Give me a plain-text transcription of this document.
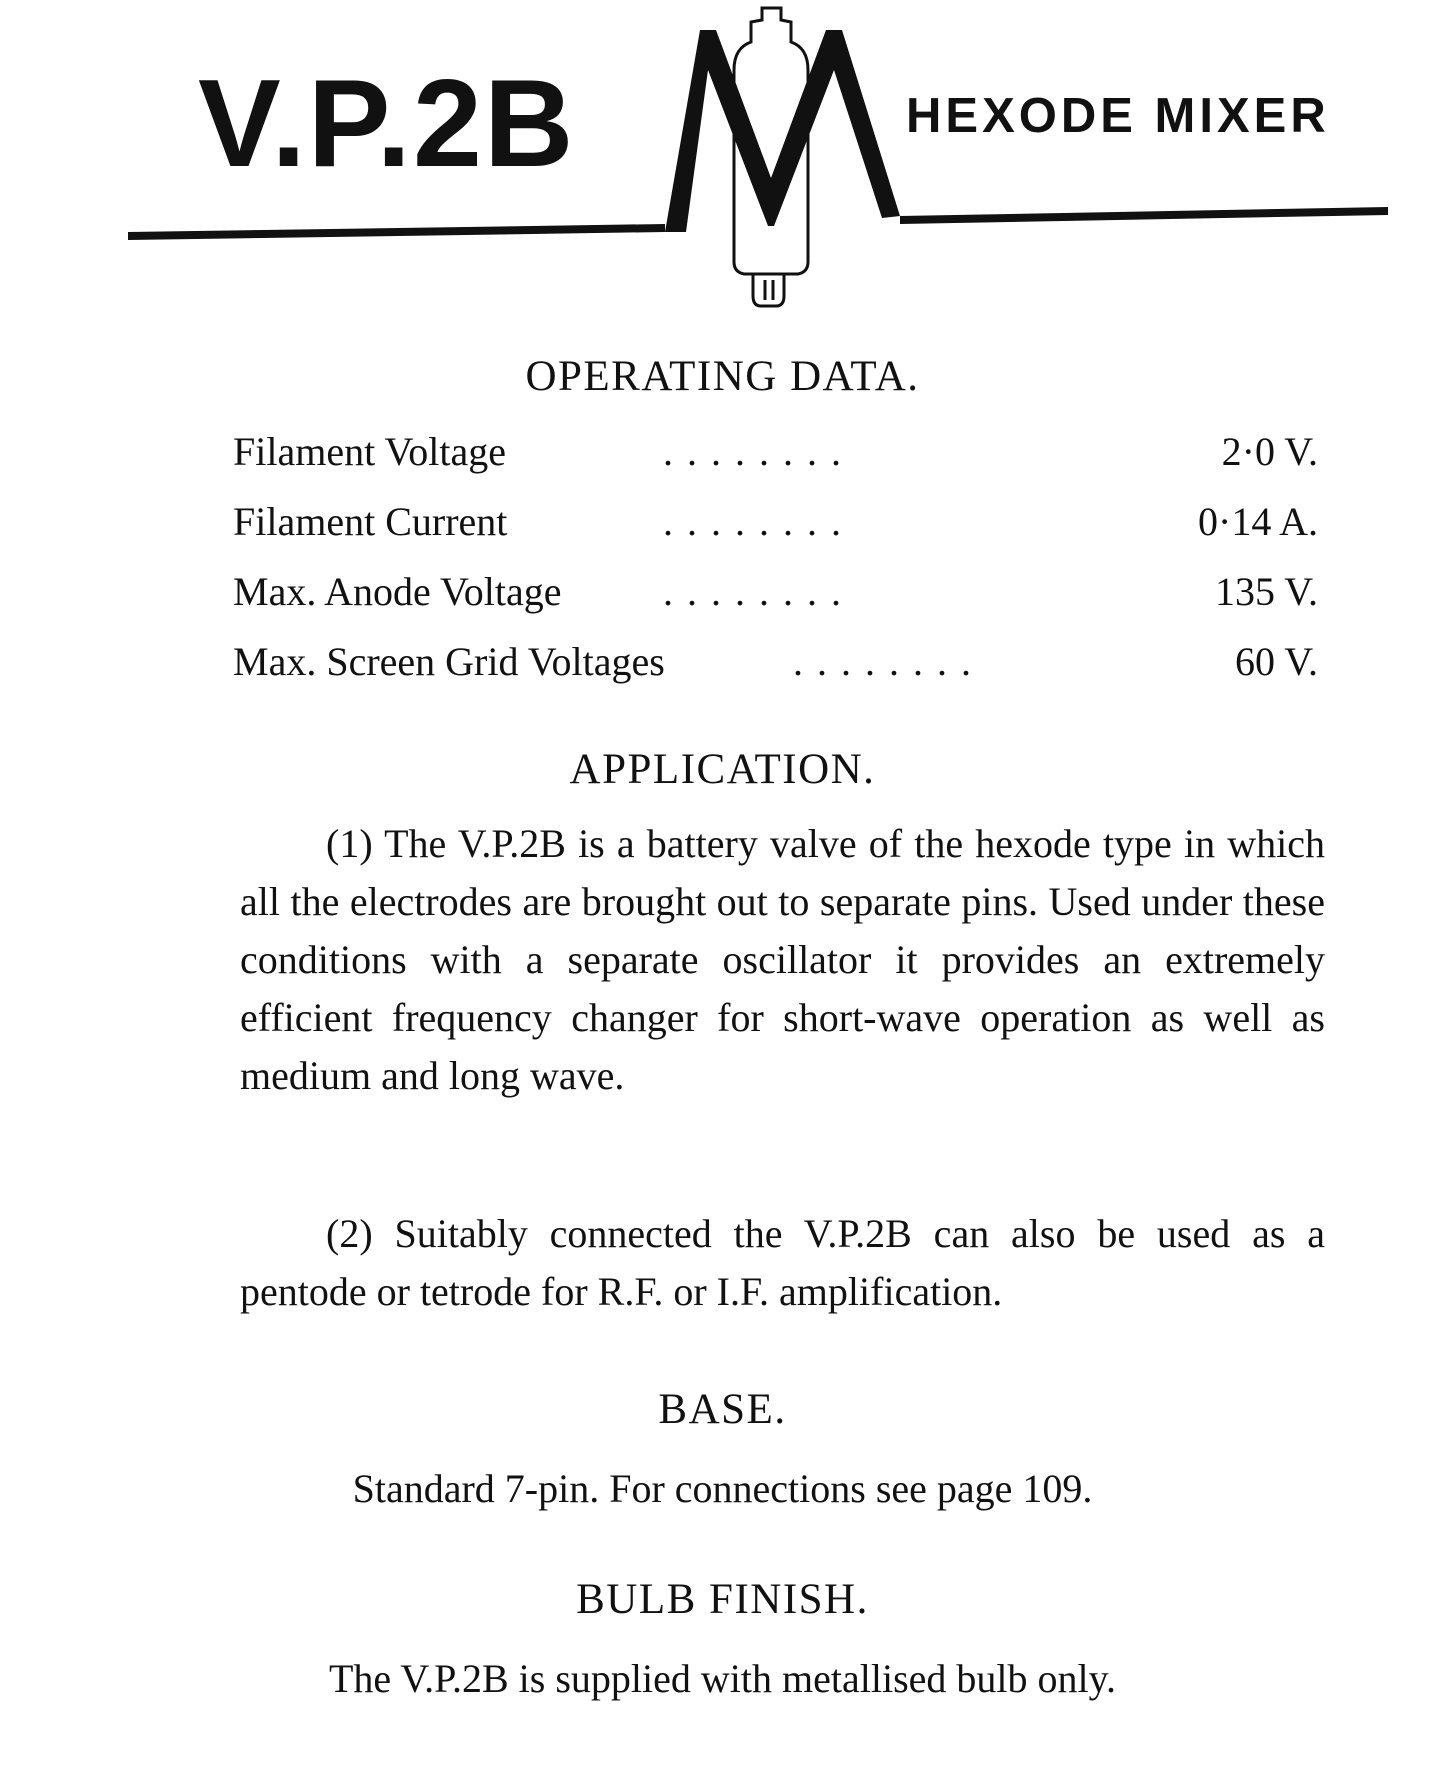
V.P.2B	HEXODE MIXER
OPERATING DATA.
Filament Voltage	. . . . . . . .	2·0 V.
Filament Current	. . . . . . . .	0·14 A.
Max. Anode Voltage	. . . . . . . .	135 V.
Max. Screen Grid Voltages	. . . . . . . .	60 V.
APPLICATION.

(1) The V.P.2B is a battery valve of the hexode type in which all the electrodes are brought out to separate pins. Used under these conditions with a separate oscillator it provides an extremely efficient frequency changer for short-wave operation as well as medium and long wave.

(2) Suitably connected the V.P.2B can also be used as a pentode or tetrode for R.F. or I.F. amplification.

BASE.

Standard 7-pin. For connections see page 109.

BULB FINISH.

The V.P.2B is supplied with metallised bulb only.
